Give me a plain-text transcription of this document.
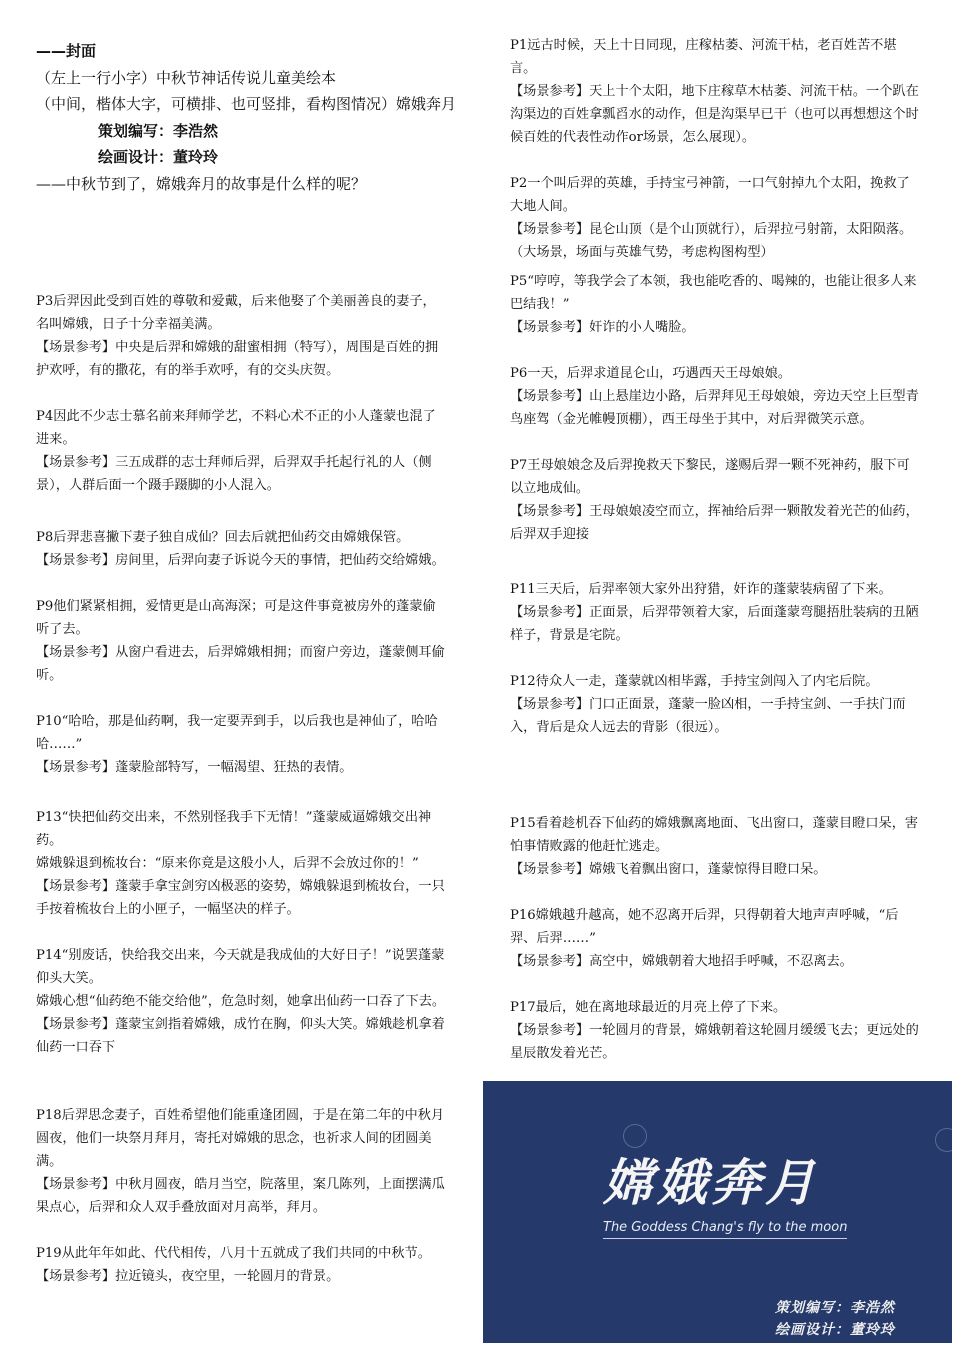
——封面

（左上一行小字）中秋节神话传说儿童美绘本

（中间，楷体大字，可横排、也可竖排，看构图情况）嫦娥奔月

策划编写：李浩然

绘画设计：董玲玲

——中秋节到了，嫦娥奔月的故事是什么样的呢？

P3后羿因此受到百姓的尊敬和爱戴，后来他娶了个美丽善良的妻子，名叫嫦娥，日子十分幸福美满。

【场景参考】中央是后羿和嫦娥的甜蜜相拥（特写），周围是百姓的拥护欢呼，有的撒花，有的举手欢呼，有的交头庆贺。

P4因此不少志士慕名前来拜师学艺，不料心术不正的小人蓬蒙也混了进来。

【场景参考】三五成群的志士拜师后羿，后羿双手托起行礼的人（侧景），人群后面一个蹑手蹑脚的小人混入。

P8后羿悲喜撇下妻子独自成仙？回去后就把仙药交由嫦娥保管。

【场景参考】房间里，后羿向妻子诉说今天的事情，把仙药交给嫦娥。

P9他们紧紧相拥，爱情更是山高海深；可是这件事竟被房外的蓬蒙偷听了去。

【场景参考】从窗户看进去，后羿嫦娥相拥；而窗户旁边，蓬蒙侧耳偷听。

P10“哈哈，那是仙药啊，我一定要弄到手，以后我也是神仙了，哈哈哈……”

【场景参考】蓬蒙脸部特写，一幅渴望、狂热的表情。

P13“快把仙药交出来，不然别怪我手下无情！”蓬蒙威逼嫦娥交出神药。

嫦娥躲退到梳妆台：“原来你竟是这般小人，后羿不会放过你的！”

【场景参考】蓬蒙手拿宝剑穷凶极恶的姿势，嫦娥躲退到梳妆台，一只手按着梳妆台上的小匣子，一幅坚决的样子。

P14“别废话，快给我交出来，今天就是我成仙的大好日子！”说罢蓬蒙仰头大笑。

嫦娥心想“仙药绝不能交给他”，危急时刻，她拿出仙药一口吞了下去。

【场景参考】蓬蒙宝剑指着嫦娥，成竹在胸，仰头大笑。嫦娥趁机拿着仙药一口吞下

P18后羿思念妻子，百姓希望他们能重逢团圆，于是在第二年的中秋月圆夜，他们一块祭月拜月，寄托对嫦娥的思念，也祈求人间的团圆美满。

【场景参考】中秋月圆夜，皓月当空，院落里，案几陈列，上面摆满瓜果点心，后羿和众人双手叠放面对月高举，拜月。

P19从此年年如此、代代相传，八月十五就成了我们共同的中秋节。

【场景参考】拉近镜头，夜空里，一轮圆月的背景。

P1远古时候，天上十日同现，庄稼枯萎、河流干枯，老百姓苦不堪言。

【场景参考】天上十个太阳，地下庄稼草木枯萎、河流干枯。一个趴在沟渠边的百姓拿瓢舀水的动作，但是沟渠早已干（也可以再想想这个时候百姓的代表性动作or场景，怎么展现）。

P2一个叫后羿的英雄，手持宝弓神箭，一口气射掉九个太阳，挽救了大地人间。

【场景参考】昆仑山顶（是个山顶就行），后羿拉弓射箭，太阳陨落。（大场景，场面与英雄气势，考虑构图构型）

P5“哼哼，等我学会了本领，我也能吃香的、喝辣的，也能让很多人来巴结我！”

【场景参考】奸诈的小人嘴脸。

P6一天，后羿求道昆仑山，巧遇西天王母娘娘。

【场景参考】山上悬崖边小路，后羿拜见王母娘娘，旁边天空上巨型青鸟座驾（金光帷幔顶棚），西王母坐于其中，对后羿微笑示意。

P7王母娘娘念及后羿挽救天下黎民，遂赐后羿一颗不死神药，服下可以立地成仙。

【场景参考】王母娘娘凌空而立，挥袖给后羿一颗散发着光芒的仙药，后羿双手迎接

P11三天后，后羿率领大家外出狩猎，奸诈的蓬蒙装病留了下来。

【场景参考】正面景，后羿带领着大家，后面蓬蒙弯腿捂肚装病的丑陋样子，背景是宅院。

P12待众人一走，蓬蒙就凶相毕露，手持宝剑闯入了内宅后院。

【场景参考】门口正面景，蓬蒙一脸凶相，一手持宝剑、一手扶门而入，背后是众人远去的背影（很远）。

P15看着趁机吞下仙药的嫦娥飘离地面、飞出窗口，蓬蒙目瞪口呆，害怕事情败露的他赶忙逃走。

【场景参考】嫦娥飞着飘出窗口，蓬蒙惊得目瞪口呆。

P16嫦娥越升越高，她不忍离开后羿，只得朝着大地声声呼喊，“后羿、后羿……”

【场景参考】高空中，嫦娥朝着大地招手呼喊，不忍离去。

P17最后，她在离地球最近的月亮上停了下来。

【场景参考】一轮圆月的背景，嫦娥朝着这轮圆月缓缓飞去；更远处的星辰散发着光芒。

嫦娥奔月
The Goddess Chang's fly to the moon
策划编写：李浩然
绘画设计：董玲玲
